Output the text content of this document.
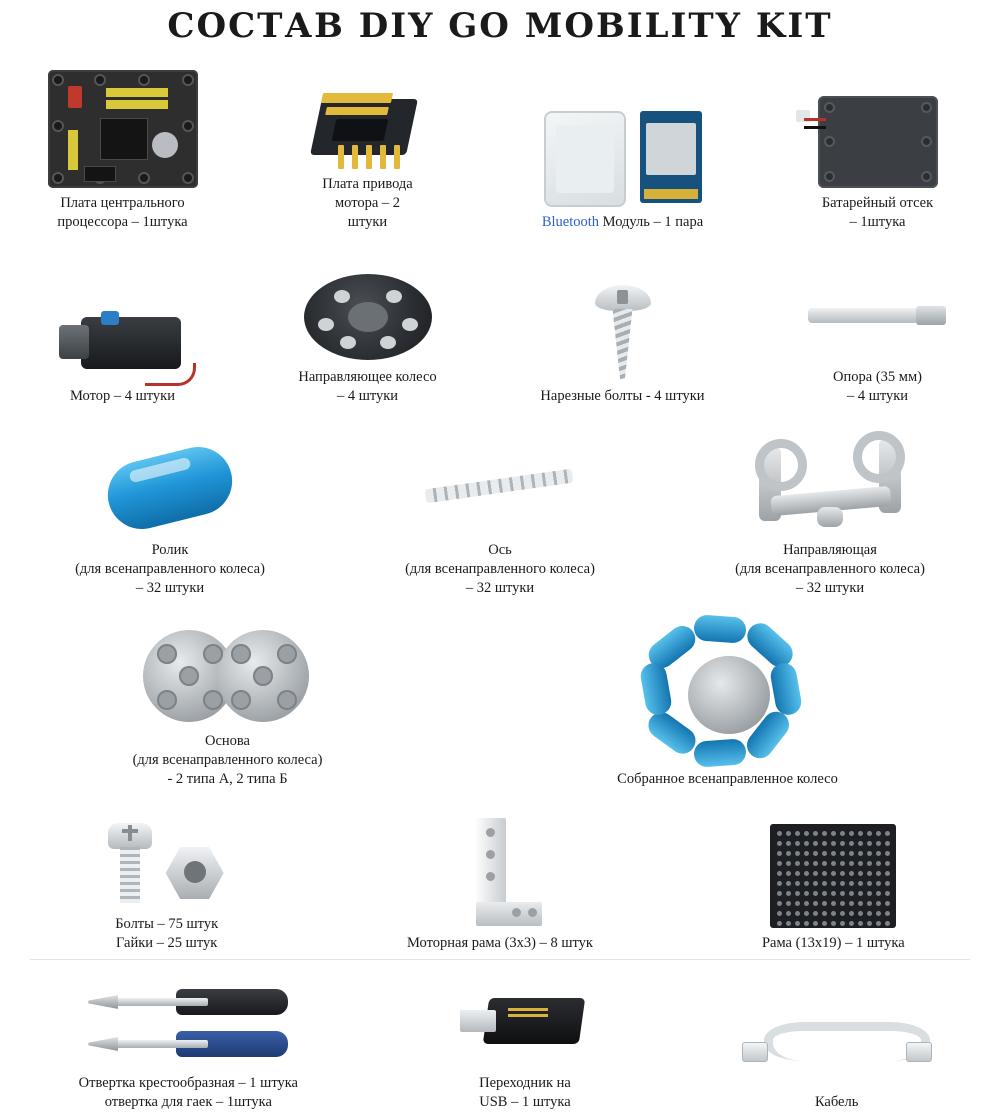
СОСТАВ DIY GO MOBILITY KIT
Плата центрального
процессора – 1штука
Плата привода
мотора – 2
штуки	Bluetooth Модуль – 1 пара
Батарейный отсек
– 1штука
Мотор – 4 штуки
Направляющее колесо
– 4 штуки	Нарезные болты - 4 штуки
Опора (35 мм)
– 4 штуки
Ролик
(для всенаправленного колеса)
– 32 штуки
Ось
(для всенаправленного колеса)
– 32 штуки
Направляющая
(для всенаправленного колеса)
– 32 штуки
Основа
(для всенаправленного колеса)
- 2 типа А, 2 типа Б	Собранное всенаправленное колесо
Болты – 75 штук
Гайки – 25 штук	Моторная рама (3x3) – 8 штук	Рама (13x19) – 1 штука
Отвертка крестообразная – 1 штука
отвертка для гаек – 1штука
Переходник на
USB – 1 штука	Кабель
